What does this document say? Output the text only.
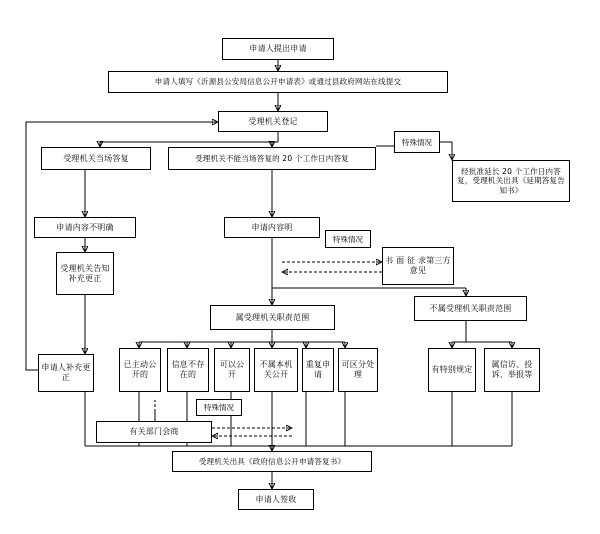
申请人提出申请
申请人填写《沂源县公安局信息公开申请表》或通过县政府网站在线提交
受理机关登记
受理机关当场答复	受理机关不能当场答复的 20 个工作日内答复
经批准延长 20 个工作日内答复，受理机关出具《延期答复告知书》
申请内容不明确	申请内容明
受理机关告知补充更正
申请人补充更正
书 面 征 求第三方意见
属受理机关职责范围
不属受理机关职责范围
已主动公开的
信息不存在的
可以公开
不属本机关公开
重复申请
可区分处理
有特别规定
属信访、投诉、举报等
有关部门会商
受理机关出具《政府信息公开申请答复书》
申请人签收
特殊情况
特殊情况
特殊情况
